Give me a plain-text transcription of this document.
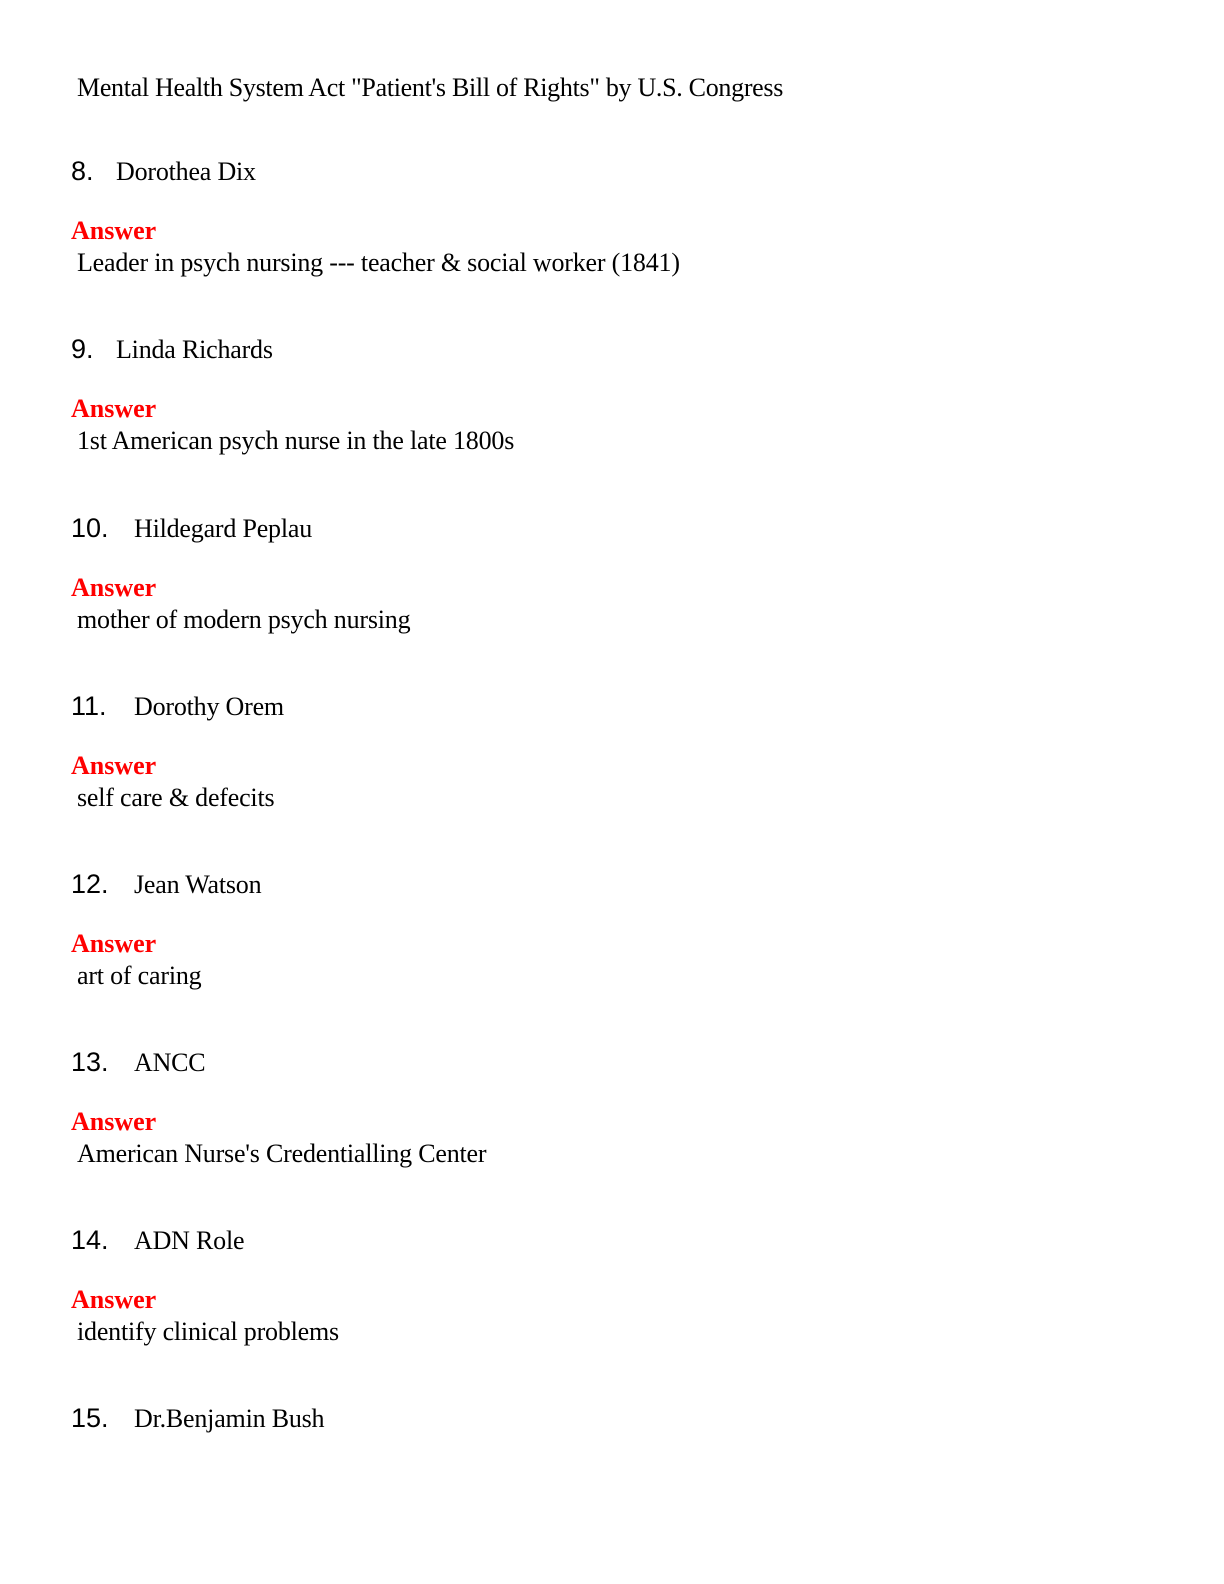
Mental Health System Act "Patient's Bill of Rights" by U.S. Congress
8. Dorothea Dix
Answer
Leader in psych nursing --- teacher & social worker (1841)
9. Linda Richards
Answer
1st American psych nurse in the late 1800s
10. Hildegard Peplau
Answer
mother of modern psych nursing
11. Dorothy Orem
Answer
self care & defecits
12. Jean Watson
Answer
art of caring
13. ANCC
Answer
American Nurse's Credentialling Center
14. ADN Role
Answer
identify clinical problems
15. Dr.Benjamin Bush
